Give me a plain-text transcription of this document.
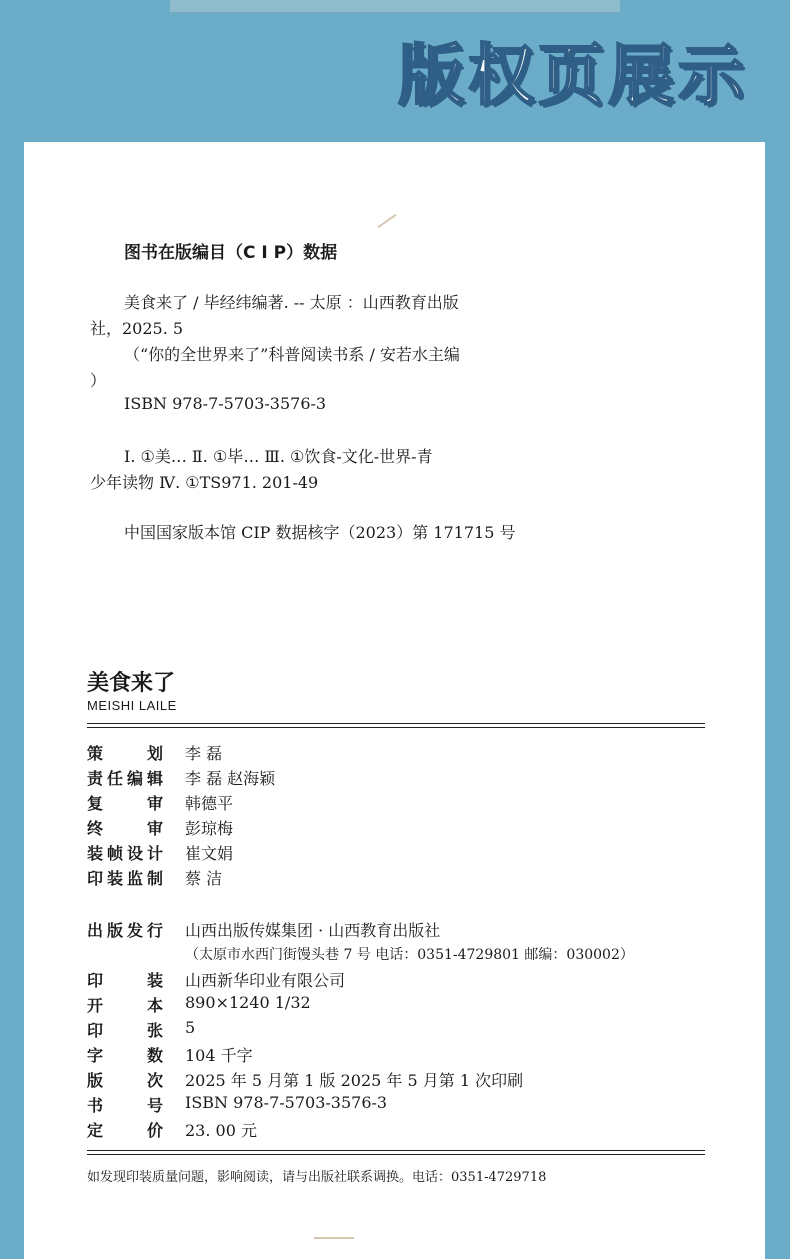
版权页展示
图书在版编目（C I P）数据
美食来了 / 毕经纬编著. -- 太原 ：山西教育出版
社，2025. 5
（“你的全世界来了”科普阅读书系 / 安若水主编
）
ISBN 978-7-5703-3576-3
Ⅰ. ①美… Ⅱ. ①毕… Ⅲ. ①饮食-文化-世界-青
少年读物 Ⅳ. ①TS971. 201-49
中国国家版本馆 CIP 数据核字（2023）第 171715 号
美食来了
MEISHI LAILE
策划 李 磊
责任编辑 李 磊 赵海颖
复审 韩德平
终审 彭琼梅
装帧设计 崔文娟
印装监制 蔡 洁
出版发行 山西出版传媒集团 · 山西教育出版社
（太原市水西门街馒头巷 7 号 电话：0351-4729801 邮编：030002）
印装 山西新华印业有限公司
开本 890×1240 1/32
印张 5
字数 104 千字
版次 2025 年 5 月第 1 版 2025 年 5 月第 1 次印刷
书号 ISBN 978-7-5703-3576-3
定价 23. 00 元
如发现印装质量问题，影响阅读，请与出版社联系调换。电话：0351-4729718
